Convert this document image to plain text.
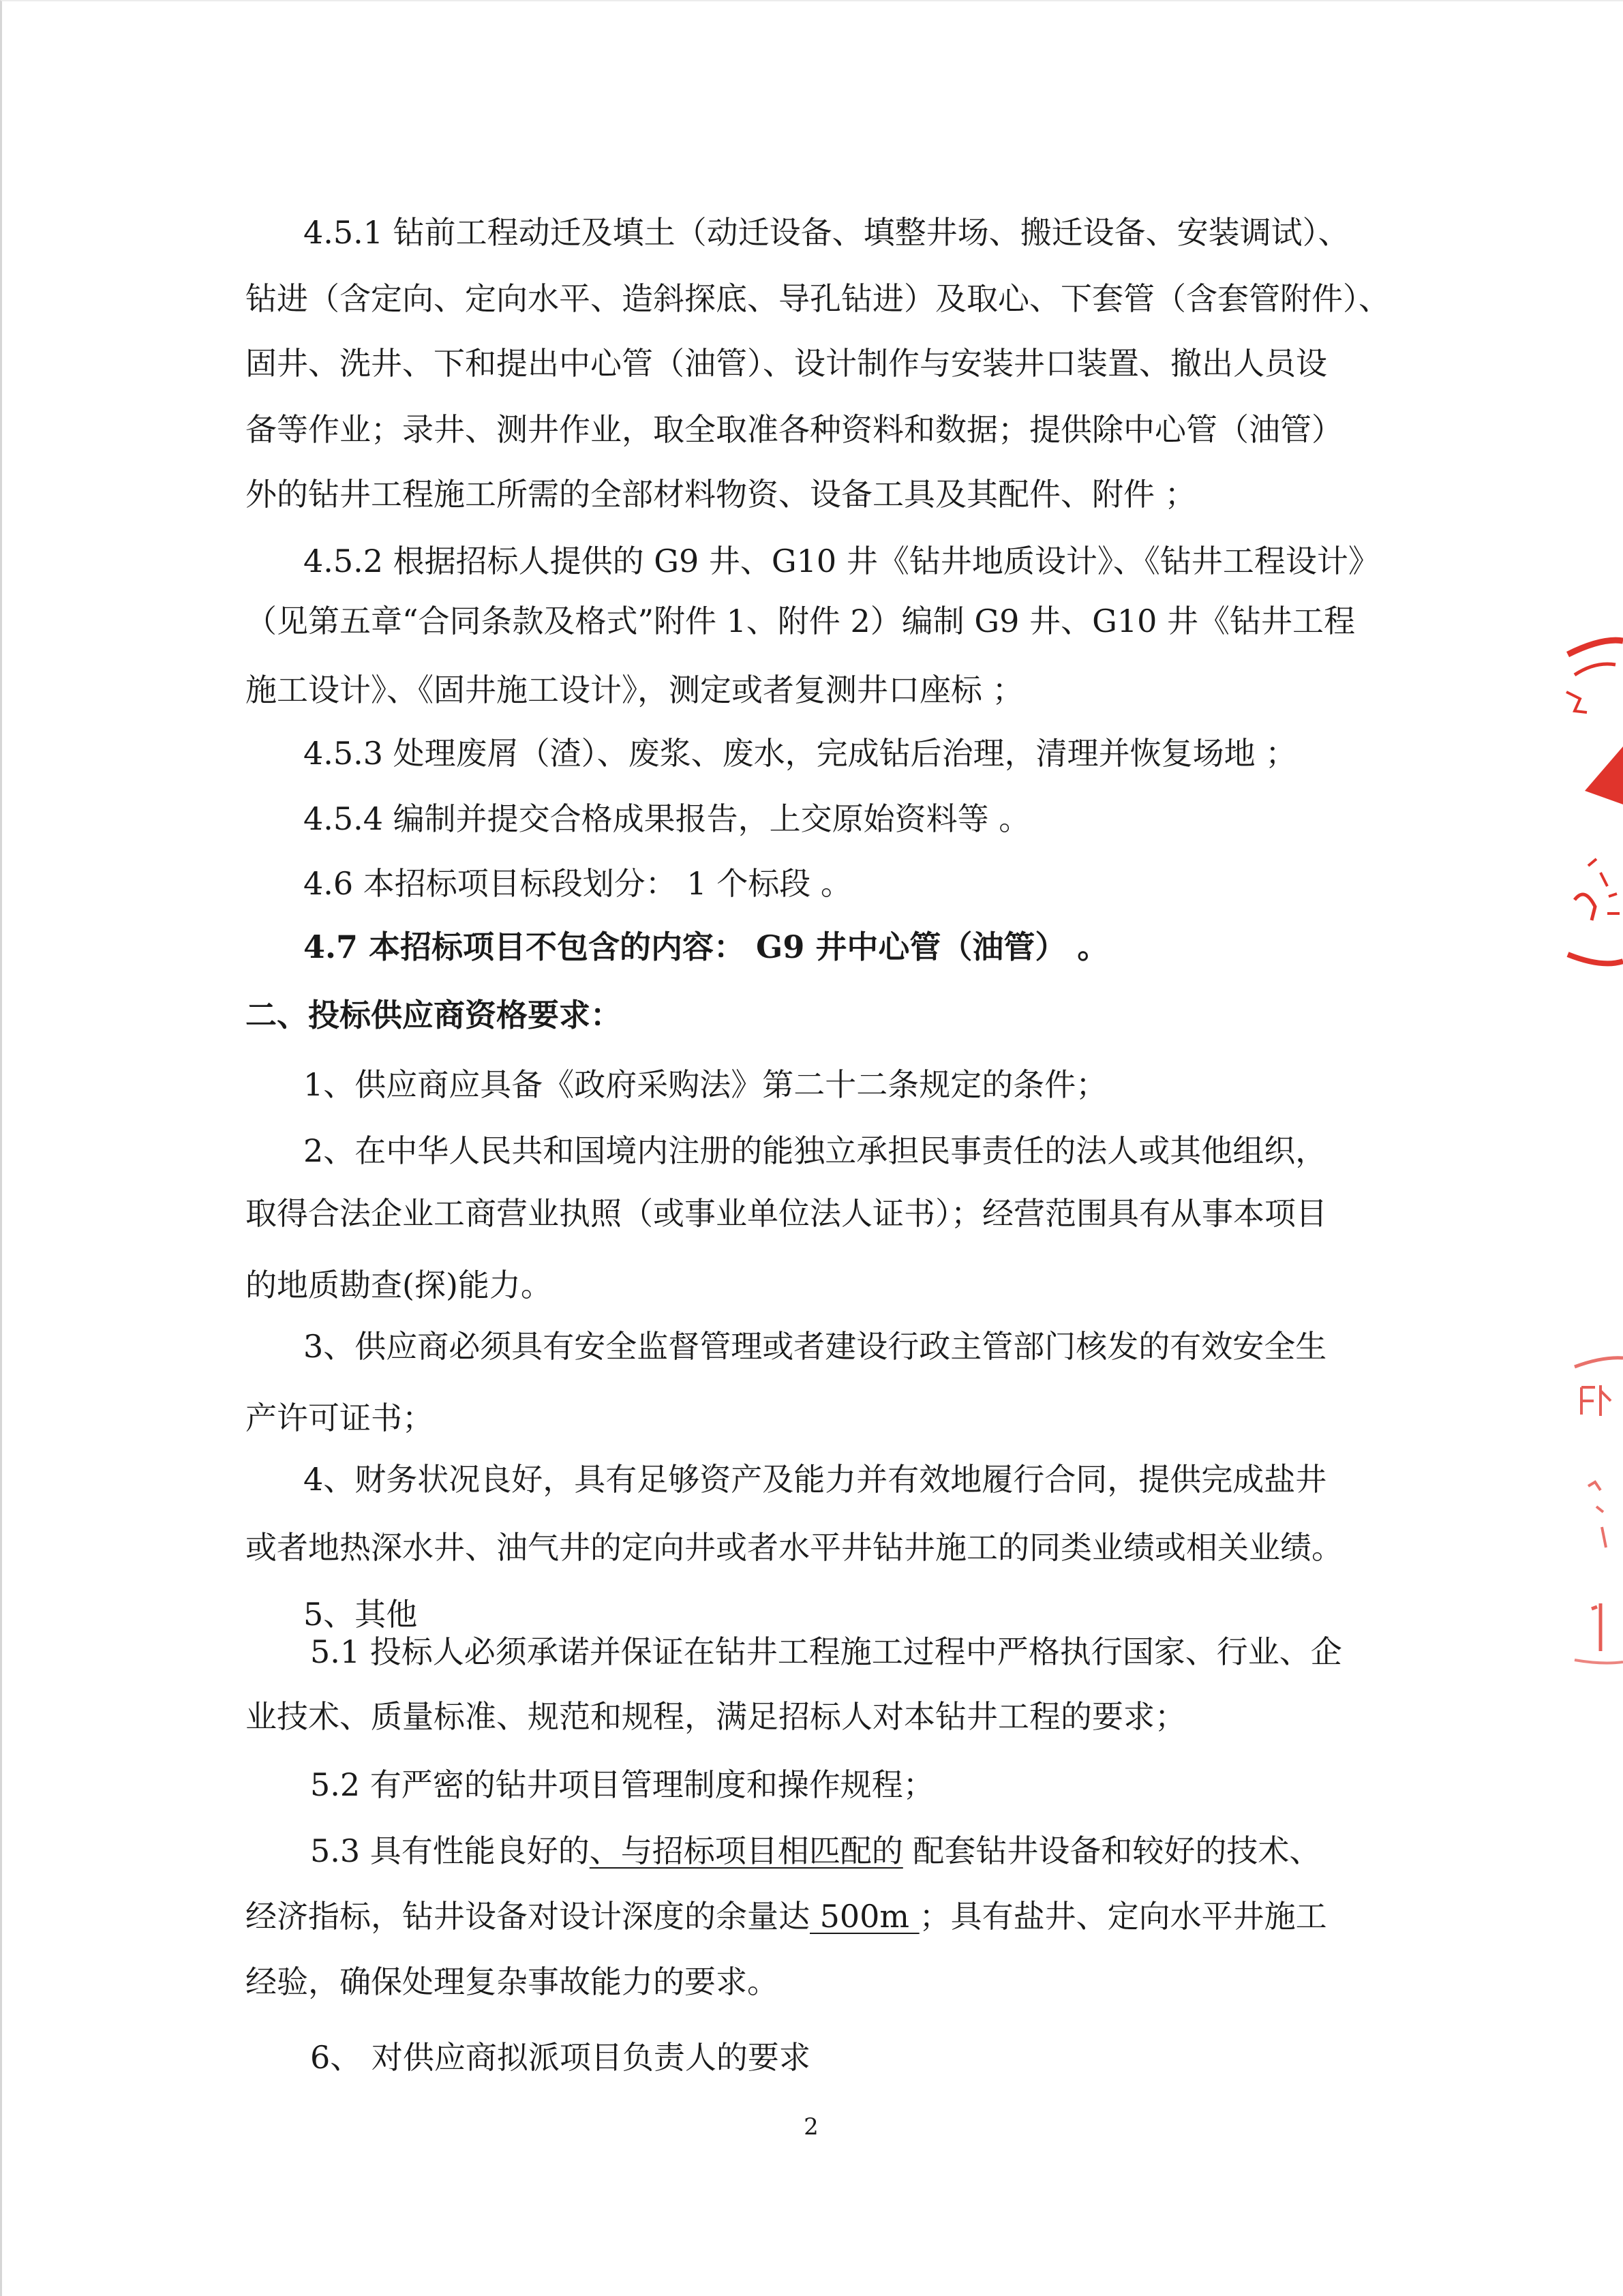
4.5.1 钻前工程动迁及填土（动迁设备、填整井场、搬迁设备、安装调试）、
钻进（含定向、定向水平、造斜探底、导孔钻进）及取心、下套管（含套管附件）、
固井、洗井、下和提出中心管（油管）、设计制作与安装井口装置、撤出人员设
备等作业；录井、测井作业，取全取准各种资料和数据；提供除中心管（油管）
外的钻井工程施工所需的全部材料物资、设备工具及其配件、附件 ；
4.5.2 根据招标人提供的 G9 井、G10 井《钻井地质设计》、《钻井工程设计》
（见第五章“合同条款及格式”附件 1、附件 2）编制 G9 井、G10 井《钻井工程
施工设计》、《固井施工设计》，测定或者复测井口座标 ；
4.5.3 处理废屑（渣）、废浆、废水，完成钻后治理，清理并恢复场地 ；
4.5.4 编制并提交合格成果报告，上交原始资料等 。
4.6 本招标项目标段划分： 1 个标段 。
4.7 本招标项目不包含的内容： G9 井中心管（油管） 。
二、投标供应商资格要求：
1、供应商应具备《政府采购法》第二十二条规定的条件；
2、在中华人民共和国境内注册的能独立承担民事责任的法人或其他组织，
取得合法企业工商营业执照（或事业单位法人证书）；经营范围具有从事本项目
的地质勘查(探)能力。
3、供应商必须具有安全监督管理或者建设行政主管部门核发的有效安全生
产许可证书；
4、财务状况良好，具有足够资产及能力并有效地履行合同，提供完成盐井
或者地热深水井、油气井的定向井或者水平井钻井施工的同类业绩或相关业绩。
5、其他
5.1 投标人必须承诺并保证在钻井工程施工过程中严格执行国家、行业、企
业技术、质量标准、规范和规程，满足招标人对本钻井工程的要求；
5.2 有严密的钻井项目管理制度和操作规程；
5.3 具有性能良好的、与招标项目相匹配的 配套钻井设备和较好的技术、
经济指标，钻井设备对设计深度的余量达 500m ；具有盐井、定向水平井施工
经验，确保处理复杂事故能力的要求。
6、 对供应商拟派项目负责人的要求
2
